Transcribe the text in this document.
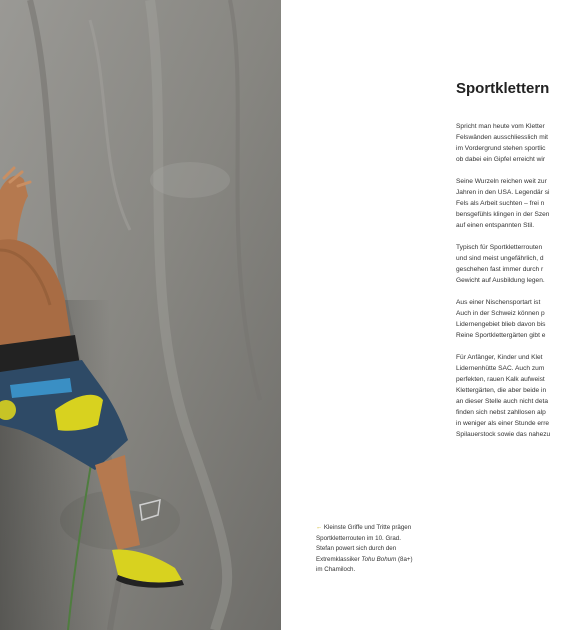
Sportklettern

Spricht man heute vom Kletter
Felswänden ausschliesslich mit
im Vordergrund stehen sportlic
ob dabei ein Gipfel erreicht wir

Seine Wurzeln reichen weit zur
Jahren in den USA. Legendär si
Fels als Arbeit suchten – frei n
bensgefühls klingen in der Szen
auf einen entspannten Stil.

Typisch für Sportkletterrouten
und sind meist ungefährlich, d
geschehen fast immer durch r
Gewicht auf Ausbildung legen.

Aus einer Nischensportart ist
Auch in der Schweiz können p
Lidernengebiet blieb davon bis
Reine Sportklettergärten gibt e

Für Anfänger, Kinder und Klet
Lidernenhütte SAC. Auch zum
perfekten, rauen Kalk aufweist
Klettergärten, die aber beide in
an dieser Stelle auch nicht deta
finden sich nebst zahllosen alp
in weniger als einer Stunde erre
Spilauerstock sowie das nahezu

← Kleinste Griffe und Tritte prägen
Sportkletterrouten im 10. Grad.
Stefan powert sich durch den
Extremklassiker Tohu Bohum (8a+)
im Chamiloch.
